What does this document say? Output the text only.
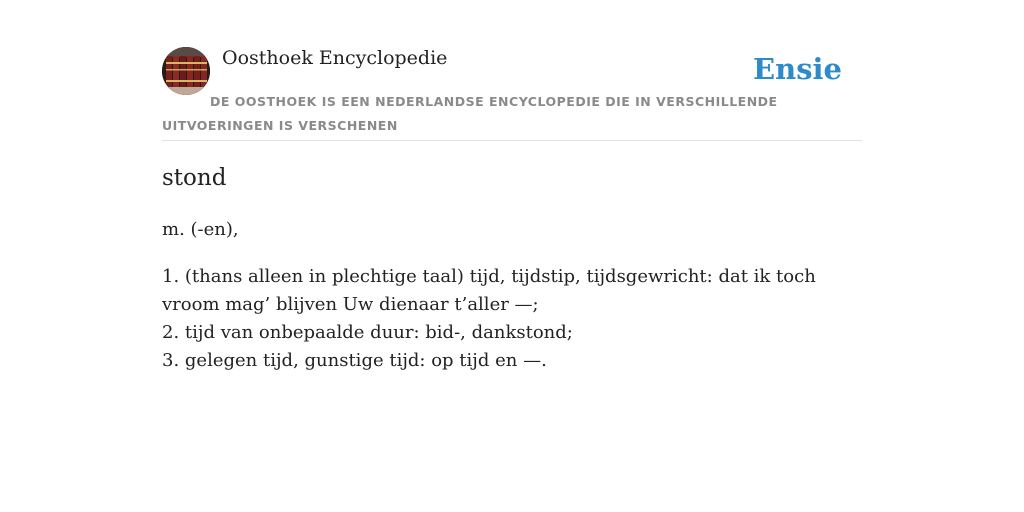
Oosthoek Encyclopedie	Ensie
DE OOSTHOEK IS EEN NEDERLANDSE ENCYCLOPEDIE DIE IN VERSCHILLENDE UITVOERINGEN IS VERSCHENEN
stond

m. (-en),

1. (thans alleen in plechtige taal) tijd, tijdstip, tijdsgewricht: dat ik toch vroom mag’ blijven Uw dienaar t’aller —;
2. tijd van onbepaalde duur: bid-, dankstond;
3. gelegen tijd, gunstige tijd: op tijd en —.
